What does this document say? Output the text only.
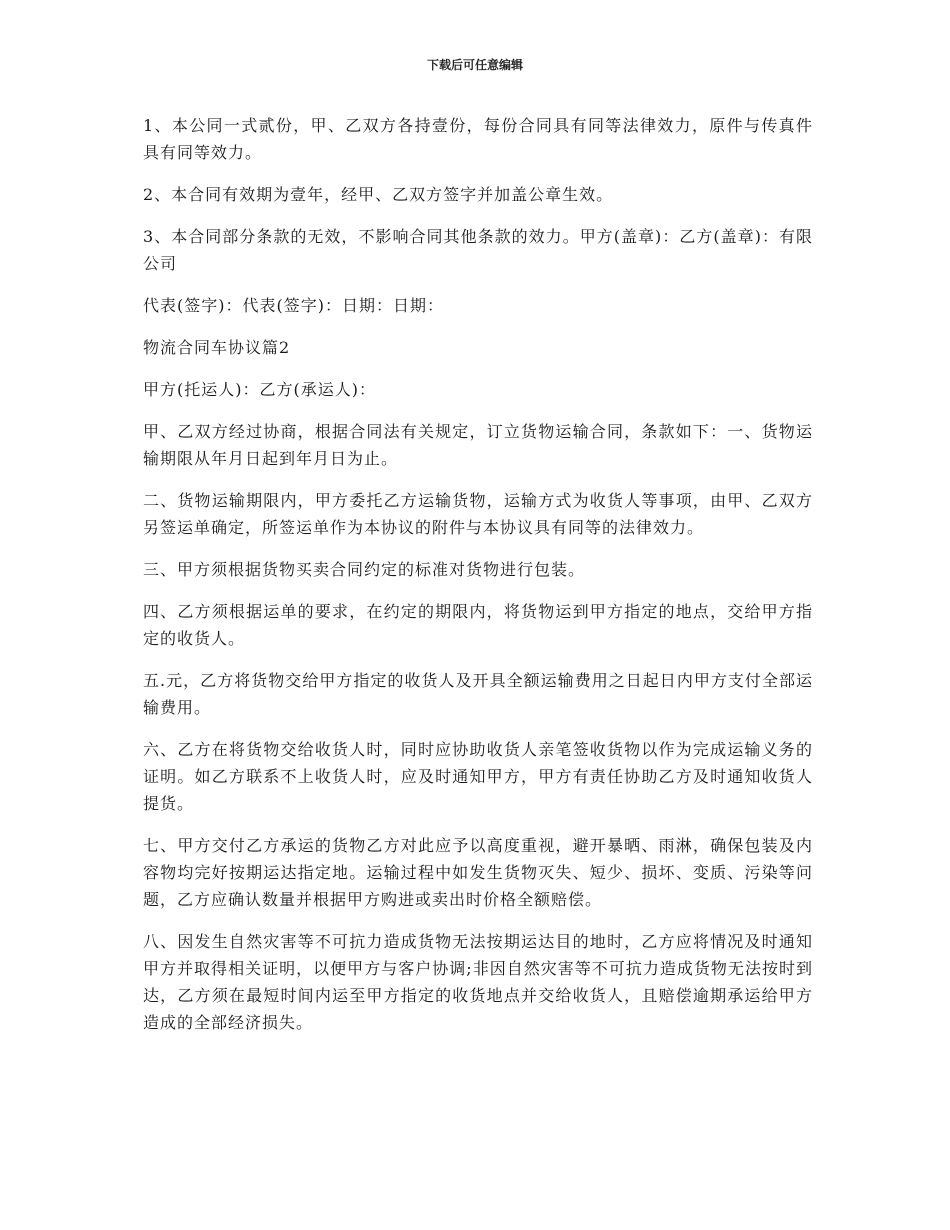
下载后可任意编辑

1、本公同一式贰份，甲、乙双方各持壹份，每份合同具有同等法律效力，原件与传真件具有同等效力。

2、本合同有效期为壹年，经甲、乙双方签字并加盖公章生效。

3、本合同部分条款的无效，不影响合同其他条款的效力。甲方(盖章)：乙方(盖章)：有限公司

代表(签字)：代表(签字)：日期：日期：

物流合同车协议篇2

甲方(托运人)：乙方(承运人)：

甲、乙双方经过协商，根据合同法有关规定，订立货物运输合同，条款如下：一、货物运输期限从年月日起到年月日为止。

二、货物运输期限内，甲方委托乙方运输货物，运输方式为收货人等事项，由甲、乙双方另签运单确定，所签运单作为本协议的附件与本协议具有同等的法律效力。

三、甲方须根据货物买卖合同约定的标准对货物进行包装。

四、乙方须根据运单的要求，在约定的期限内，将货物运到甲方指定的地点，交给甲方指定的收货人。

五.元，乙方将货物交给甲方指定的收货人及开具全额运输费用之日起日内甲方支付全部运输费用。

六、乙方在将货物交给收货人时，同时应协助收货人亲笔签收货物以作为完成运输义务的证明。如乙方联系不上收货人时，应及时通知甲方，甲方有责任协助乙方及时通知收货人提货。

七、甲方交付乙方承运的货物乙方对此应予以高度重视，避开暴晒、雨淋，确保包装及内容物均完好按期运达指定地。运输过程中如发生货物灭失、短少、损坏、变质、污染等问题，乙方应确认数量并根据甲方购进或卖出时价格全额赔偿。

八、因发生自然灾害等不可抗力造成货物无法按期运达目的地时，乙方应将情况及时通知甲方并取得相关证明，以便甲方与客户协调;非因自然灾害等不可抗力造成货物无法按时到达，乙方须在最短时间内运至甲方指定的收货地点并交给收货人，且赔偿逾期承运给甲方造成的全部经济损失。
